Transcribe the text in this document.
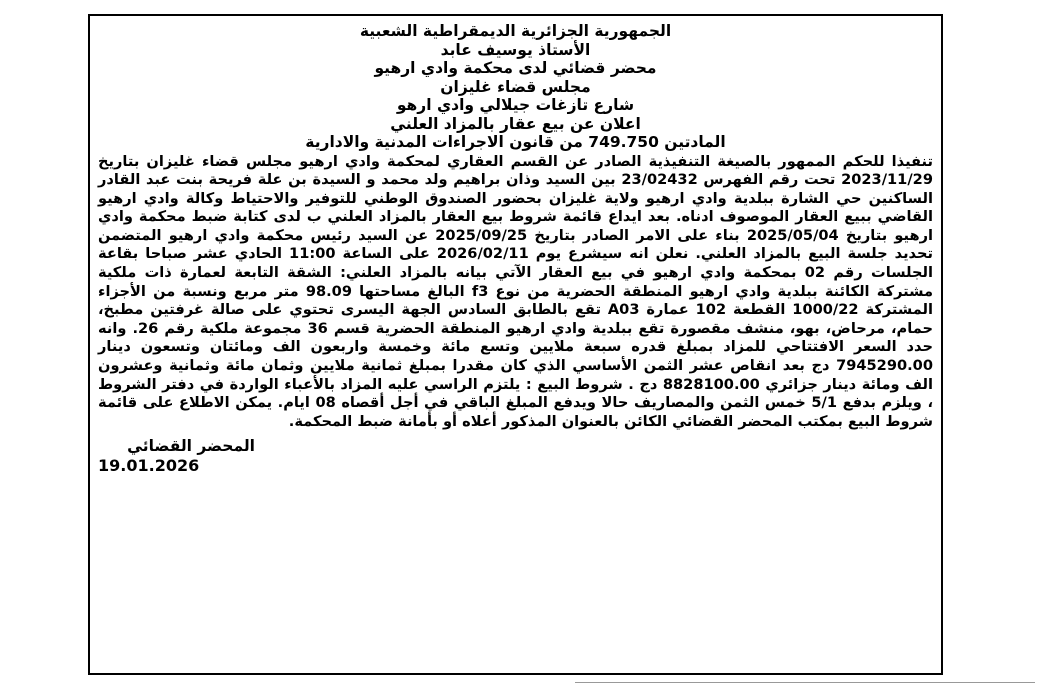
الجمهورية الجزائرية الديمقراطية الشعبية
الأستاذ يوسيف عابد
محضر قضائي لدى محكمة وادي ارهيو
مجلس قضاء غليزان
شارع تازغات جيلالي وادي ارهو
اعلان عن بيع عقار بالمزاد العلني
المادتين 749.750 من قانون الاجراءات المدنية والادارية
تنفيذا للحكم الممهور بالصيغة التنفيذية الصادر عن القسم العقاري لمحكمة وادي ارهيو مجلس قضاء غليزان بتاريخ 2023/11/29 تحت رقم الفهرس 23/02432 بين السيد وذان براهيم ولد محمد و السيدة بن علة فريحة بنت عبد القادر الساكنين حي الشارة ببلدية وادي ارهيو ولاية غليزان بحضور الصندوق الوطني للتوفير والاحتياط وكالة وادي ارهيو القاضي ببيع العقار الموصوف ادناه. بعد ايداع قائمة شروط بيع العقار بالمزاد العلني ب لدى كتابة ضبط محكمة وادي ارهيو بتاريخ 2025/05/04 بناء على الامر الصادر بتاريخ 2025/09/25 عن السيد رئيس محكمة وادي ارهيو المتضمن تحديد جلسة البيع بالمزاد العلني. نعلن انه سيشرع يوم 2026/02/11 على الساعة 11:00 الحادي عشر صباحا بقاعة الجلسات رقم 02 بمحكمة وادي ارهيو في بيع العقار الآتي بيانه بالمزاد العلني: الشقة التابعة لعمارة ذات ملكية مشتركة الكائنة ببلدية وادي ارهيو المنطقة الحضرية من نوع f3 البالغ مساحتها 98.09 متر مربع ونسبة من الأجزاء المشتركة 1000/22 القطعة 102 عمارة A03 تقع بالطابق السادس الجهة اليسرى تحتوي على صالة غرفتين مطبخ، حمام، مرحاض، بهو، منشف مقصورة تقع ببلدية وادي ارهيو المنطقة الحضرية قسم 36 مجموعة ملكية رقم 26. وانه حدد السعر الافتتاحي للمزاد بمبلغ قدره سبعة ملايين وتسع مائة وخمسة واربعون الف ومائتان وتسعون دينار 7945290.00 دج بعد انقاص عشر الثمن الأساسي الذي كان مقدرا بمبلغ ثمانية ملايين وثمان مائة وثمانية وعشرون الف ومائة دينار جزائري 8828100.00 دج . شروط البيع : يلتزم الراسي عليه المزاد بالأعباء الواردة في دفتر الشروط ، ويلزم بدفع 5/1 خمس الثمن والمصاريف حالا ويدفع المبلغ الباقي في أجل أقصاه 08 ايام. يمكن الاطلاع على قائمة شروط البيع بمكتب المحضر القضائي الكائن بالعنوان المذكور أعلاه أو بأمانة ضبط المحكمة.
المحضر القضائي
19.01.2026
